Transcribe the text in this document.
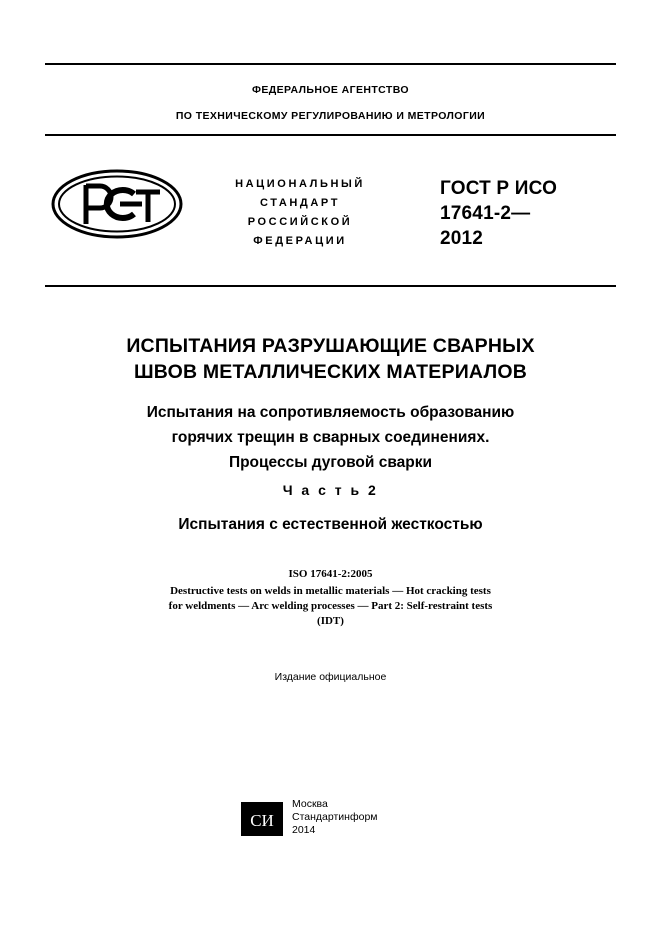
ФЕДЕРАЛЬНОЕ АГЕНТСТВО
ПО ТЕХНИЧЕСКОМУ РЕГУЛИРОВАНИЮ И МЕТРОЛОГИИ
НАЦИОНАЛЬНЫЙ
СТАНДАРТ
РОССИЙСКОЙ
ФЕДЕРАЦИИ
ГОСТ Р ИСО
17641-2—
2012
ИСПЫТАНИЯ РАЗРУШАЮЩИЕ СВАРНЫХ
ШВОВ МЕТАЛЛИЧЕСКИХ МАТЕРИАЛОВ
Испытания на сопротивляемость образованию
горячих трещин в сварных соединениях.
Процессы дуговой сварки
Ч а с т ь 2
Испытания с естественной жесткостью
ISO 17641-2:2005
Destructive tests on welds in metallic materials — Hot cracking tests
for weldments — Arc welding processes — Part 2: Self-restraint tests
(IDT)
Издание официальное
СИ
Москва
Стандартинформ
2014
